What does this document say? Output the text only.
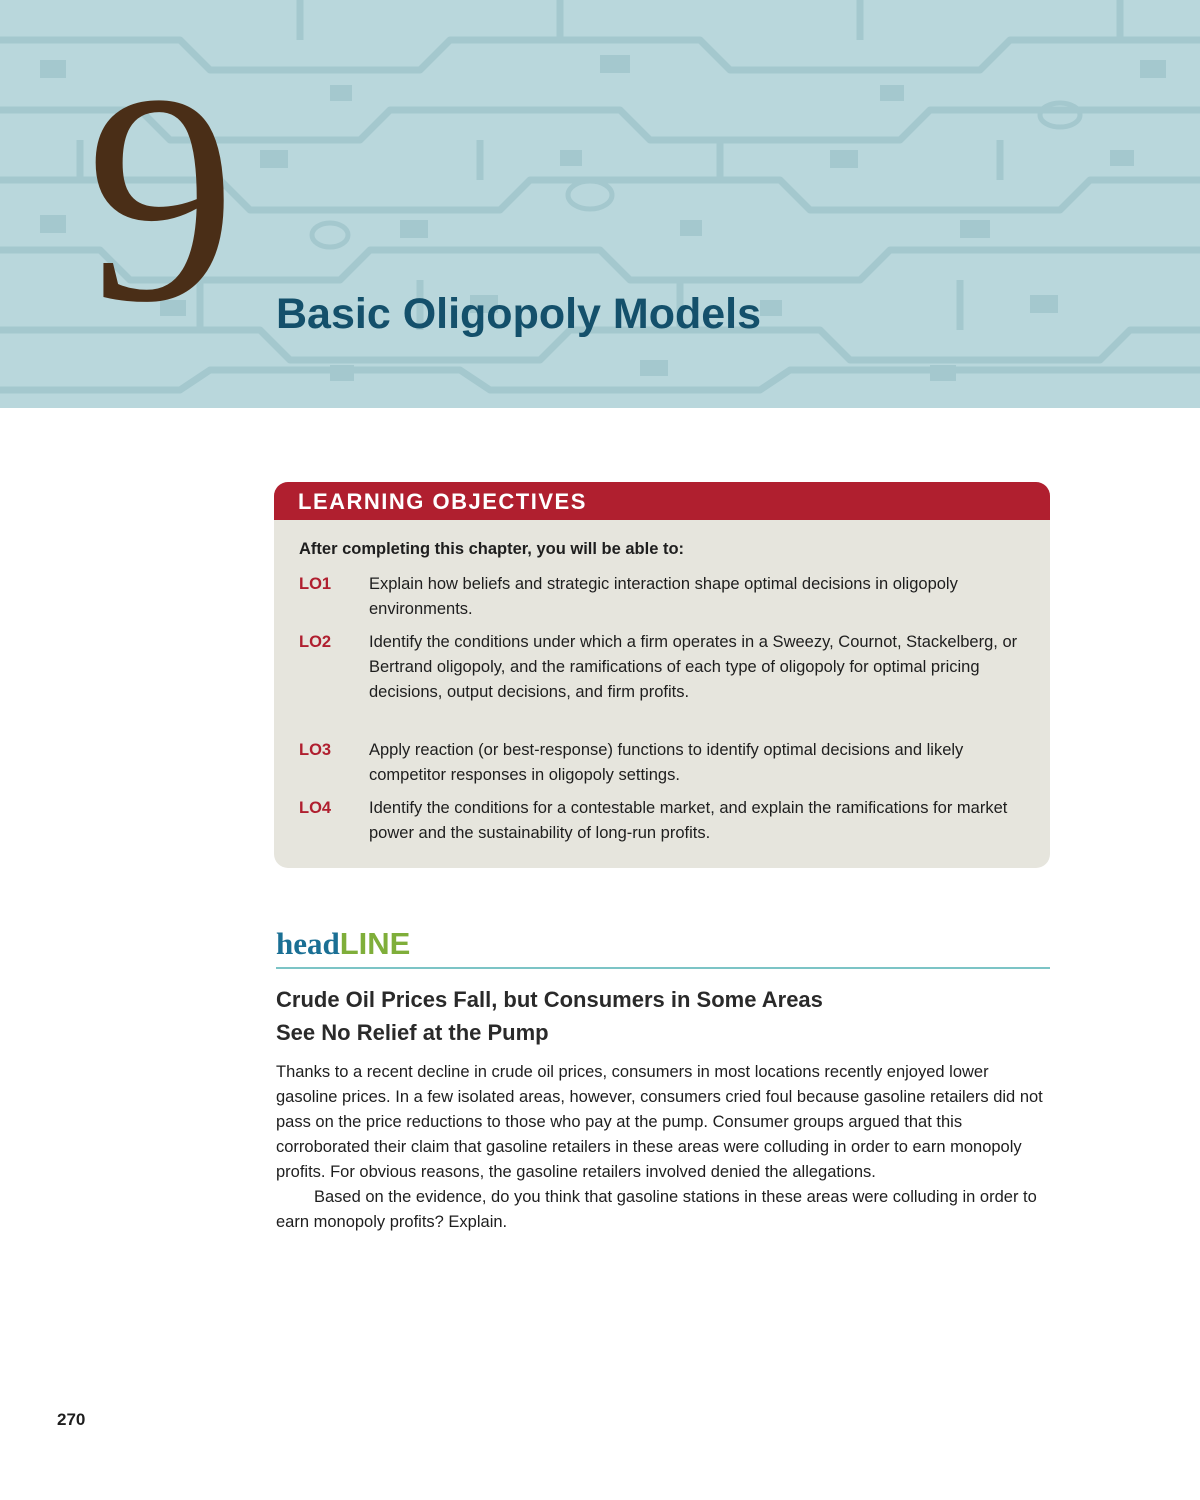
9 Basic Oligopoly Models
LEARNING OBJECTIVES
After completing this chapter, you will be able to:
LO1 Explain how beliefs and strategic interaction shape optimal decisions in oligopoly environments.
LO2 Identify the conditions under which a firm operates in a Sweezy, Cournot, Stackelberg, or Bertrand oligopoly, and the ramifications of each type of oligopoly for optimal pricing decisions, output decisions, and firm profits.
LO3 Apply reaction (or best-response) functions to identify optimal decisions and likely competitor responses in oligopoly settings.
LO4 Identify the conditions for a contestable market, and explain the ramifications for market power and the sustainability of long-run profits.
headLINE
Crude Oil Prices Fall, but Consumers in Some Areas
See No Relief at the Pump

Thanks to a recent decline in crude oil prices, consumers in most locations recently enjoyed lower gasoline prices. In a few isolated areas, however, consumers cried foul because gasoline retailers did not pass on the price reductions to those who pay at the pump. Consumer groups argued that this corroborated their claim that gasoline retailers in these areas were colluding in order to earn monopoly profits. For obvious reasons, the gasoline retailers involved denied the allegations.

Based on the evidence, do you think that gasoline stations in these areas were colluding in order to earn monopoly profits? Explain.

270
